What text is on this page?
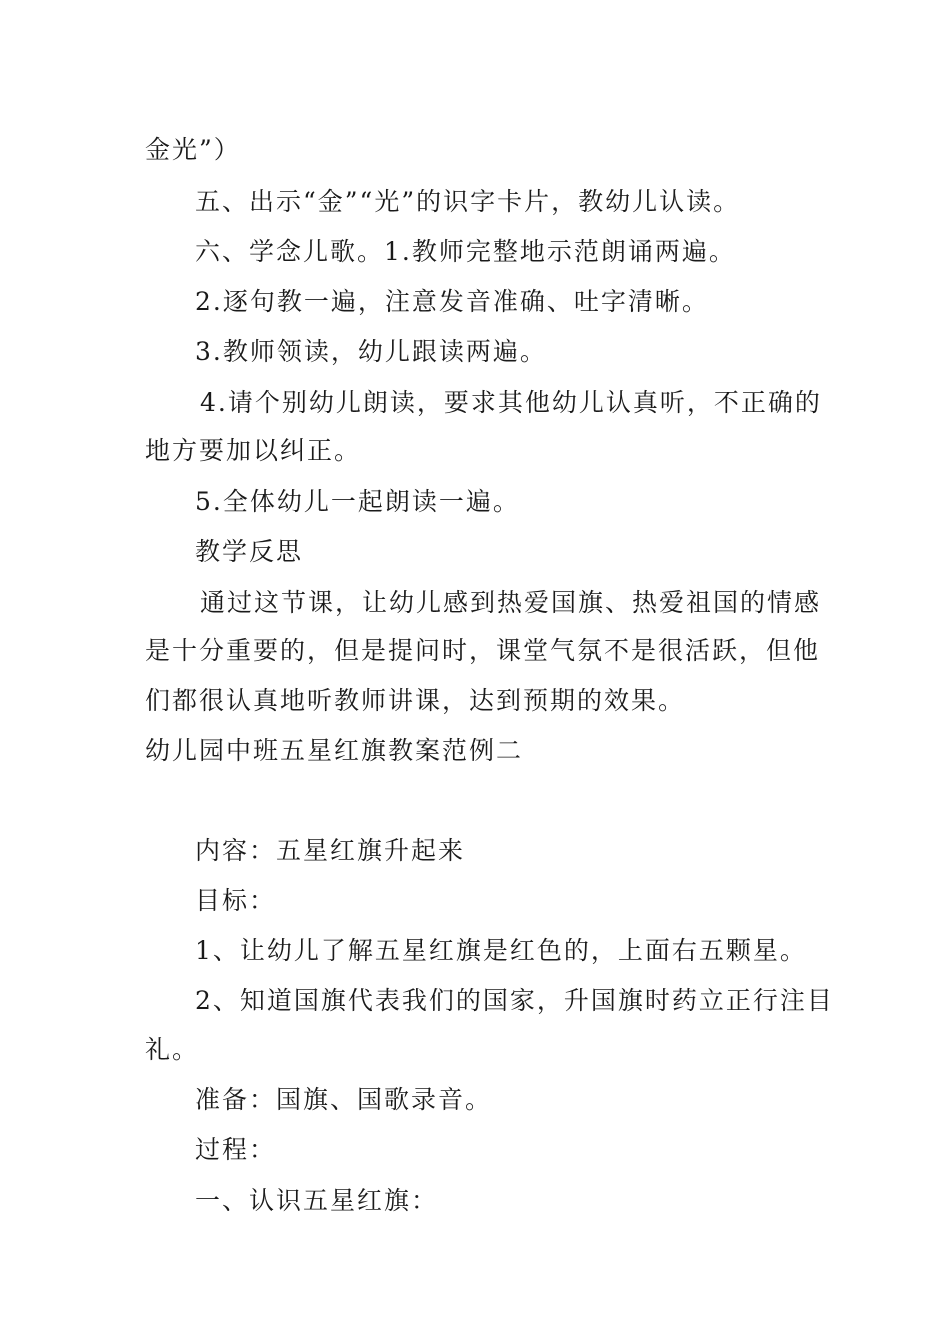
金光”）
五、出示“金”“光”的识字卡片，教幼儿认读。
六、学念儿歌。1.教师完整地示范朗诵两遍。
2.逐句教一遍，注意发音准确、吐字清晰。
3.教师领读，幼儿跟读两遍。
4.请个别幼儿朗读，要求其他幼儿认真听，不正确的
地方要加以纠正。
5.全体幼儿一起朗读一遍。
教学反思
通过这节课，让幼儿感到热爱国旗、热爱祖国的情感
是十分重要的，但是提问时，课堂气氛不是很活跃，但他
们都很认真地听教师讲课，达到预期的效果。
幼儿园中班五星红旗教案范例二
内容：五星红旗升起来
目标：
1、让幼儿了解五星红旗是红色的，上面右五颗星。
2、知道国旗代表我们的国家，升国旗时药立正行注目
礼。
准备：国旗、国歌录音。
过程：
一、认识五星红旗：
